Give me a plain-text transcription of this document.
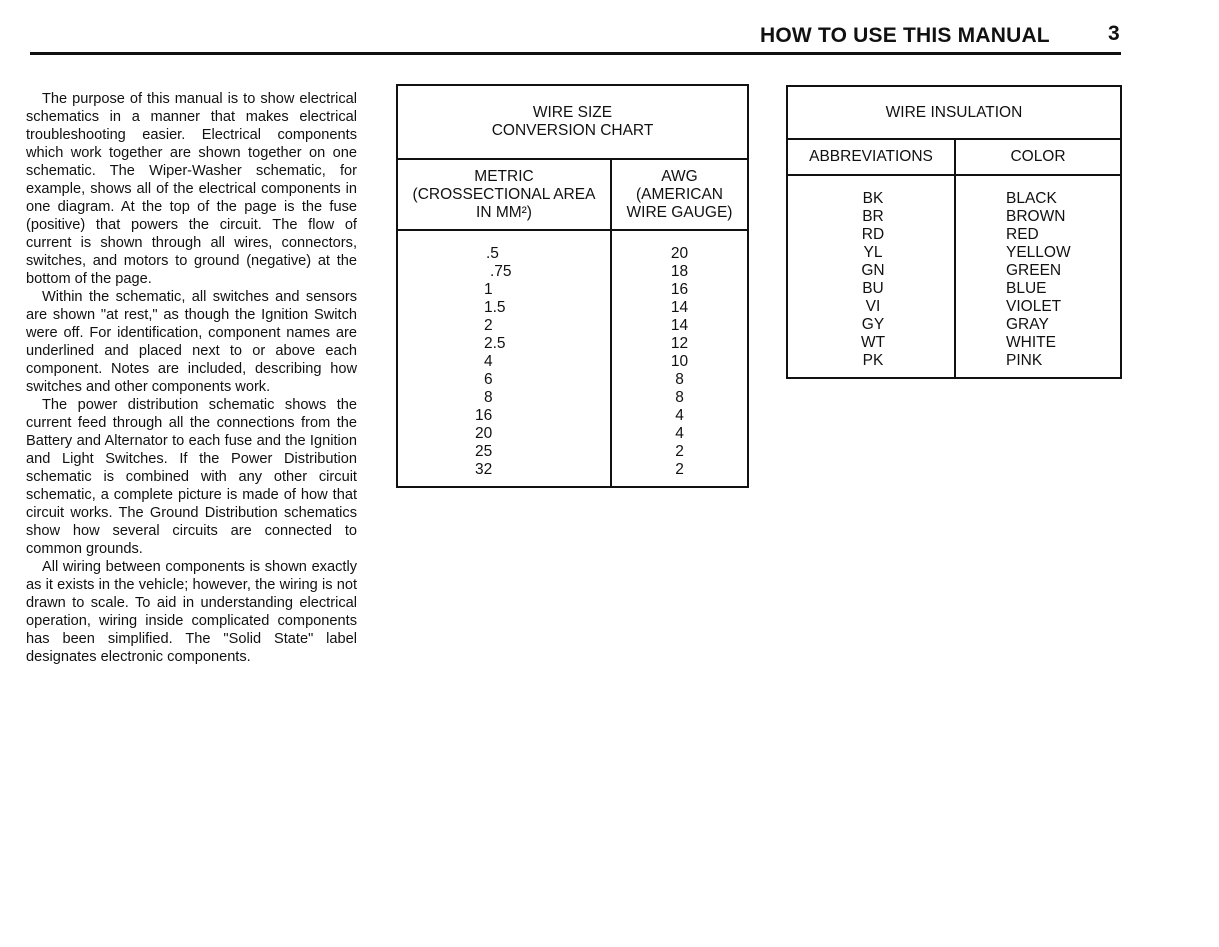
HOW TO USE THIS MANUAL	3

The purpose of this manual is to show electrical schematics in a manner that makes electrical troubleshooting easier. Electrical components which work together are shown together on one schematic. The Wiper-Washer schematic, for example, shows all of the electrical components in one diagram. At the top of the page is the fuse (positive) that powers the circuit. The flow of current is shown through all wires, connectors, switches, and motors to ground (negative) at the bottom of the page.

Within the schematic, all switches and sensors are shown "at rest," as though the Ignition Switch were off. For identification, component names are underlined and placed next to or above each component. Notes are included, describing how switches and other components work.

The power distribution schematic shows the current feed through all the connections from the Battery and Alternator to each fuse and the Ignition and Light Switches. If the Power Distribution schematic is combined with any other circuit schematic, a complete picture is made of how that circuit works. The Ground Distribution schematics show how several circuits are connected to common grounds.

All wiring between components is shown exactly as it exists in the vehicle; however, the wiring is not drawn to scale. To aid in understanding electrical operation, wiring inside complicated components has been simplified. The "Solid State" label designates electronic components.

WIRE SIZE
CONVERSION CHART
METRIC
(CROSSECTIONAL AREA
IN MM²)
AWG
(AMERICAN
WIRE GAUGE)
.5
.75
1
1.5
2
2.5
4
6
8
16
20
25
32
20
18
16
14
14
12
10
8
8
4
4
2
2
WIRE INSULATION
ABBREVIATIONS	COLOR
BK
BR
RD
YL
GN
BU
VI
GY
WT
PK
BLACK
BROWN
RED
YELLOW
GREEN
BLUE
VIOLET
GRAY
WHITE
PINK
